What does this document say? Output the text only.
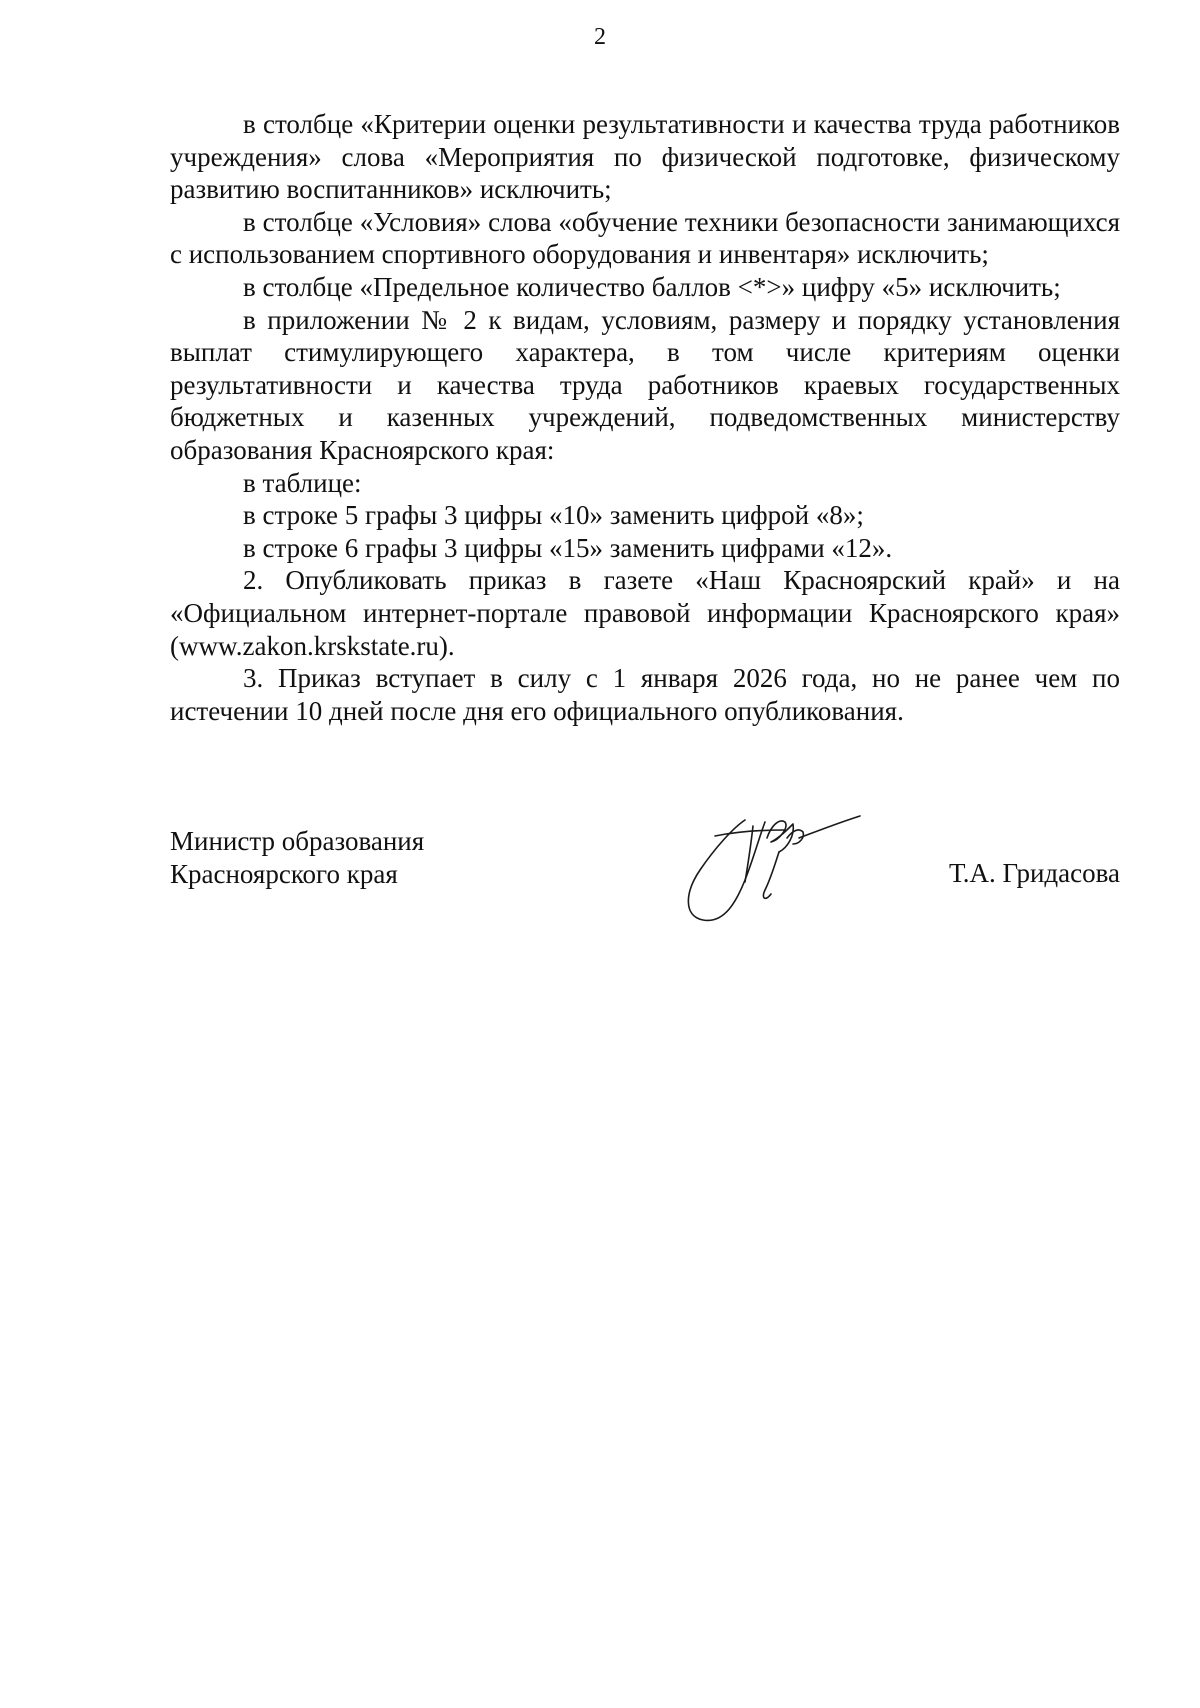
2

в столбце «Критерии оценки результативности и качества труда работников учреждения» слова «Мероприятия по физической подготовке, физическому развитию воспитанников» исключить;

в столбце «Условия» слова «обучение техники безопасности занимающихся с использованием спортивного оборудования и инвентаря» исключить;

в столбце «Предельное количество баллов <*>» цифру «5» исключить;

в приложении № 2 к видам, условиям, размеру и порядку установления выплат стимулирующего характера, в том числе критериям оценки результативности и качества труда работников краевых государственных бюджетных и казенных учреждений, подведомственных министерству образования Красноярского края:

в таблице:

в строке 5 графы 3 цифры «10» заменить цифрой «8»;

в строке 6 графы 3 цифры «15» заменить цифрами «12».

2. Опубликовать приказ в газете «Наш Красноярский край» и на «Официальном интернет-портале правовой информации Красноярского края» (www.zakon.krskstate.ru).

3. Приказ вступает в силу с 1 января 2026 года, но не ранее чем по истечении 10 дней после дня его официального опубликования.

Министр образования
Красноярского края	Т.А. Гридасова
